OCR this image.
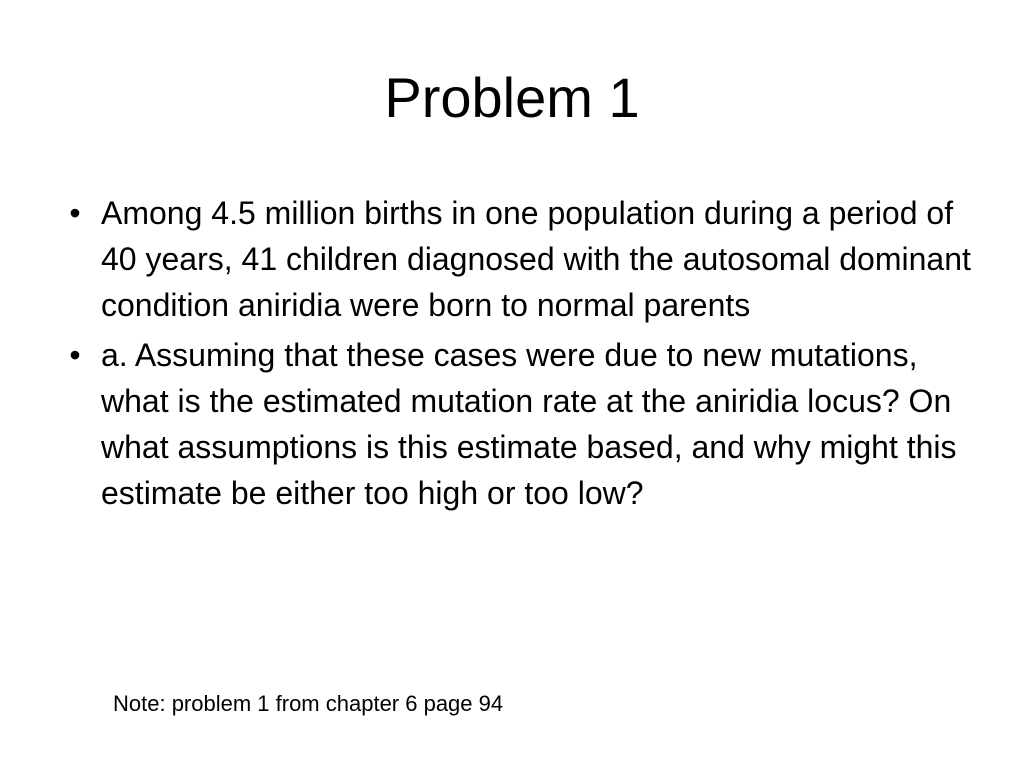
Problem 1
• Among 4.5 million births in one population during a period of 40 years, 41 children diagnosed with the autosomal dominant condition aniridia were born to normal parents
• a. Assuming that these cases were due to new mutations, what is the estimated mutation rate at the aniridia locus? On what assumptions is this estimate based, and why might this estimate be either too high or too low?
Note: problem 1 from chapter 6 page 94
